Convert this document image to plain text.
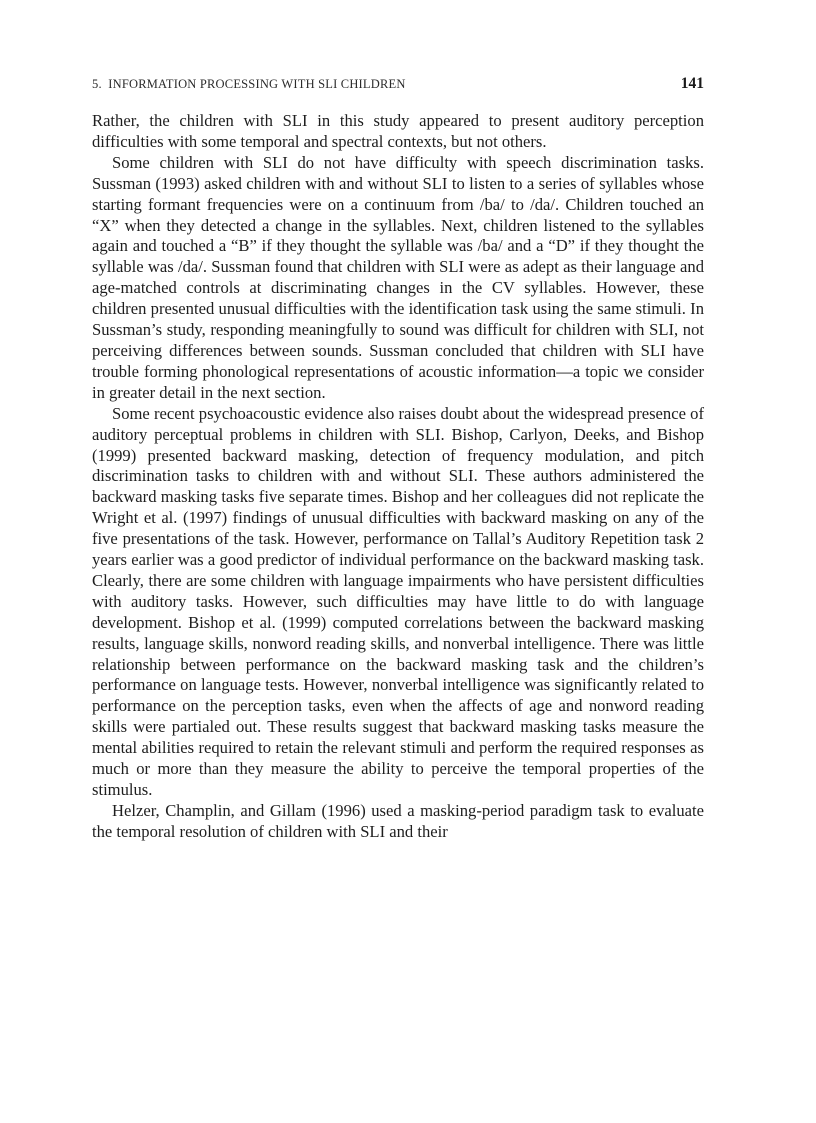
5. INFORMATION PROCESSING WITH SLI CHILDREN	141

Rather, the children with SLI in this study appeared to present auditory perception difficulties with some temporal and spectral contexts, but not others.

Some children with SLI do not have difficulty with speech discrimination tasks. Sussman (1993) asked children with and without SLI to listen to a series of syllables whose starting formant frequencies were on a continuum from /ba/ to /da/. Children touched an “X” when they detected a change in the syllables. Next, children listened to the syllables again and touched a “B” if they thought the syllable was /ba/ and a “D” if they thought the syllable was /da/. Sussman found that children with SLI were as adept as their language and age-matched controls at discriminating changes in the CV syllables. However, these children presented unusual difficulties with the identification task using the same stimuli. In Sussman’s study, responding meaningfully to sound was difficult for children with SLI, not perceiving differences between sounds. Sussman concluded that children with SLI have trouble forming phonological representations of acoustic information—a topic we consider in greater detail in the next section.

Some recent psychoacoustic evidence also raises doubt about the widespread presence of auditory perceptual problems in children with SLI. Bishop, Carlyon, Deeks, and Bishop (1999) presented backward masking, detection of frequency modulation, and pitch discrimination tasks to children with and without SLI. These authors administered the backward masking tasks five separate times. Bishop and her colleagues did not replicate the Wright et al. (1997) findings of unusual difficulties with backward masking on any of the five presentations of the task. However, performance on Tallal’s Auditory Repetition task 2 years earlier was a good predictor of individual performance on the backward masking task. Clearly, there are some children with language impairments who have persistent difficulties with auditory tasks. However, such difficulties may have little to do with language development. Bishop et al. (1999) computed correlations between the backward masking results, language skills, nonword reading skills, and nonverbal intelligence. There was little relationship between performance on the backward masking task and the children’s performance on language tests. However, nonverbal intelligence was significantly related to performance on the perception tasks, even when the affects of age and nonword reading skills were partialed out. These results suggest that backward masking tasks measure the mental abilities required to retain the relevant stimuli and perform the required responses as much or more than they measure the ability to perceive the temporal properties of the stimulus.

Helzer, Champlin, and Gillam (1996) used a masking-period paradigm task to evaluate the temporal resolution of children with SLI and their
